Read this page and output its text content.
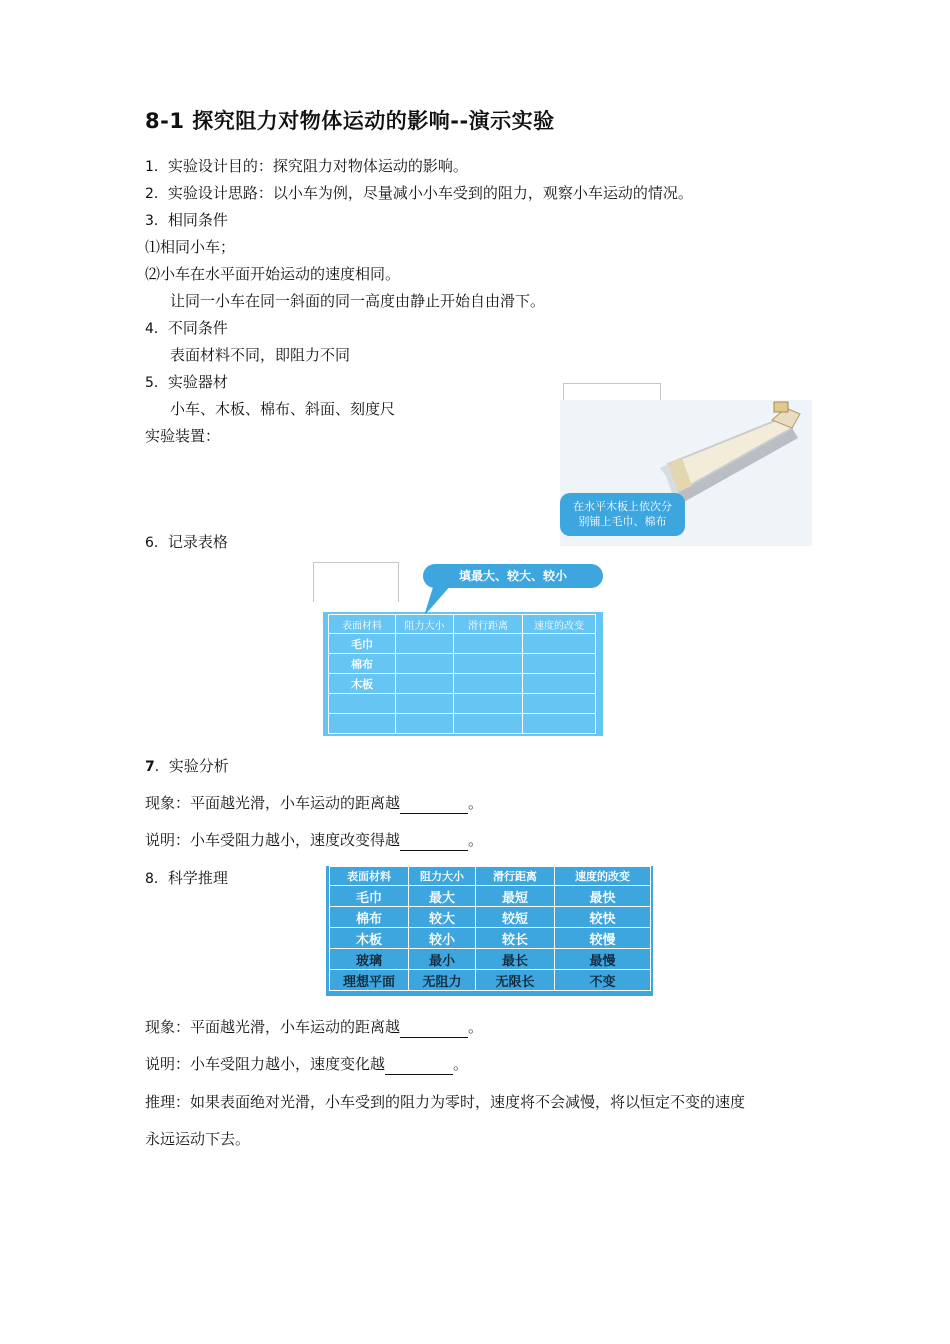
8-1 探究阻力对物体运动的影响--演示实验
1．实验设计目的：探究阻力对物体运动的影响。
2．实验设计思路：以小车为例，尽量减小小车受到的阻力，观察小车运动的情况。
3．相同条件
⑴相同小车；
⑵小车在水平面开始运动的速度相同。
让同一小车在同一斜面的同一高度由静止开始自由滑下。
4．不同条件
表面材料不同，即阻力不同
5．实验器材
小车、木板、棉布、斜面、刻度尺
实验装置：
在水平木板上依次分
别铺上毛巾、棉布
6．记录表格
填最大、较大、较小
表面材料	阻力大小	滑行距离	速度的改变
毛巾			
棉布			
木板			

7．实验分析
现象：平面越光滑，小车运动的距离越	。
说明：小车受阻力越小，速度改变得越	。
8．科学推理	表面材料	阻力大小	滑行距离	速度的改变
毛巾	最大	最短	最快
棉布	较大	较短	较快
木板	较小	较长	较慢
玻璃	最小	最长	最慢
理想平面	无阻力	无限长	不变
现象：平面越光滑，小车运动的距离越	。
说明：小车受阻力越小，速度变化越	。
推理：如果表面绝对光滑，小车受到的阻力为零时，速度将不会减慢，将以恒定不变的速度
永远运动下去。
